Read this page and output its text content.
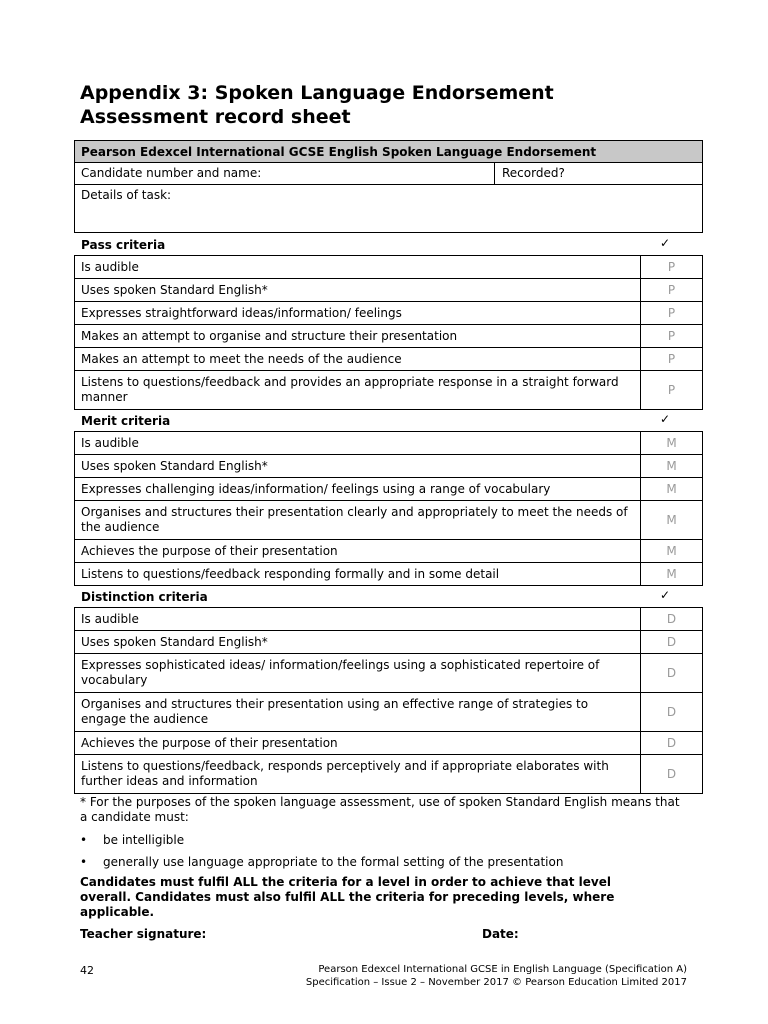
Appendix 3: Spoken Language Endorsement
Assessment record sheet
Pearson Edexcel International GCSE English Spoken Language Endorsement
Candidate number and name:	Recorded?
Details of task:
Pass criteria	✓
Is audible	P
Uses spoken Standard English*	P
Expresses straightforward ideas/information/ feelings	P
Makes an attempt to organise and structure their presentation	P
Makes an attempt to meet the needs of the audience	P
Listens to questions/feedback and provides an appropriate response in a straight forward manner	P
Merit criteria	✓
Is audible	M
Uses spoken Standard English*	M
Expresses challenging ideas/information/ feelings using a range of vocabulary	M
Organises and structures their presentation clearly and appropriately to meet the needs of the audience	M
Achieves the purpose of their presentation	M
Listens to questions/feedback responding formally and in some detail	M
Distinction criteria	✓
Is audible	D
Uses spoken Standard English*	D
Expresses sophisticated ideas/ information/feelings using a sophisticated repertoire of vocabulary	D
Organises and structures their presentation using an effective range of strategies to engage the audience	D
Achieves the purpose of their presentation	D
Listens to questions/feedback, responds perceptively and if appropriate elaborates with further ideas and information	D
* For the purposes of the spoken language assessment, use of spoken Standard English means that a candidate must:
• be intelligible
• generally use language appropriate to the formal setting of the presentation
Candidates must fulfil ALL the criteria for a level in order to achieve that level overall. Candidates must also fulfil ALL the criteria for preceding levels, where applicable.
Teacher signature:	Date:
42	Pearson Edexcel International GCSE in English Language (Specification A)
Specification – Issue 2 – November 2017 © Pearson Education Limited 2017
